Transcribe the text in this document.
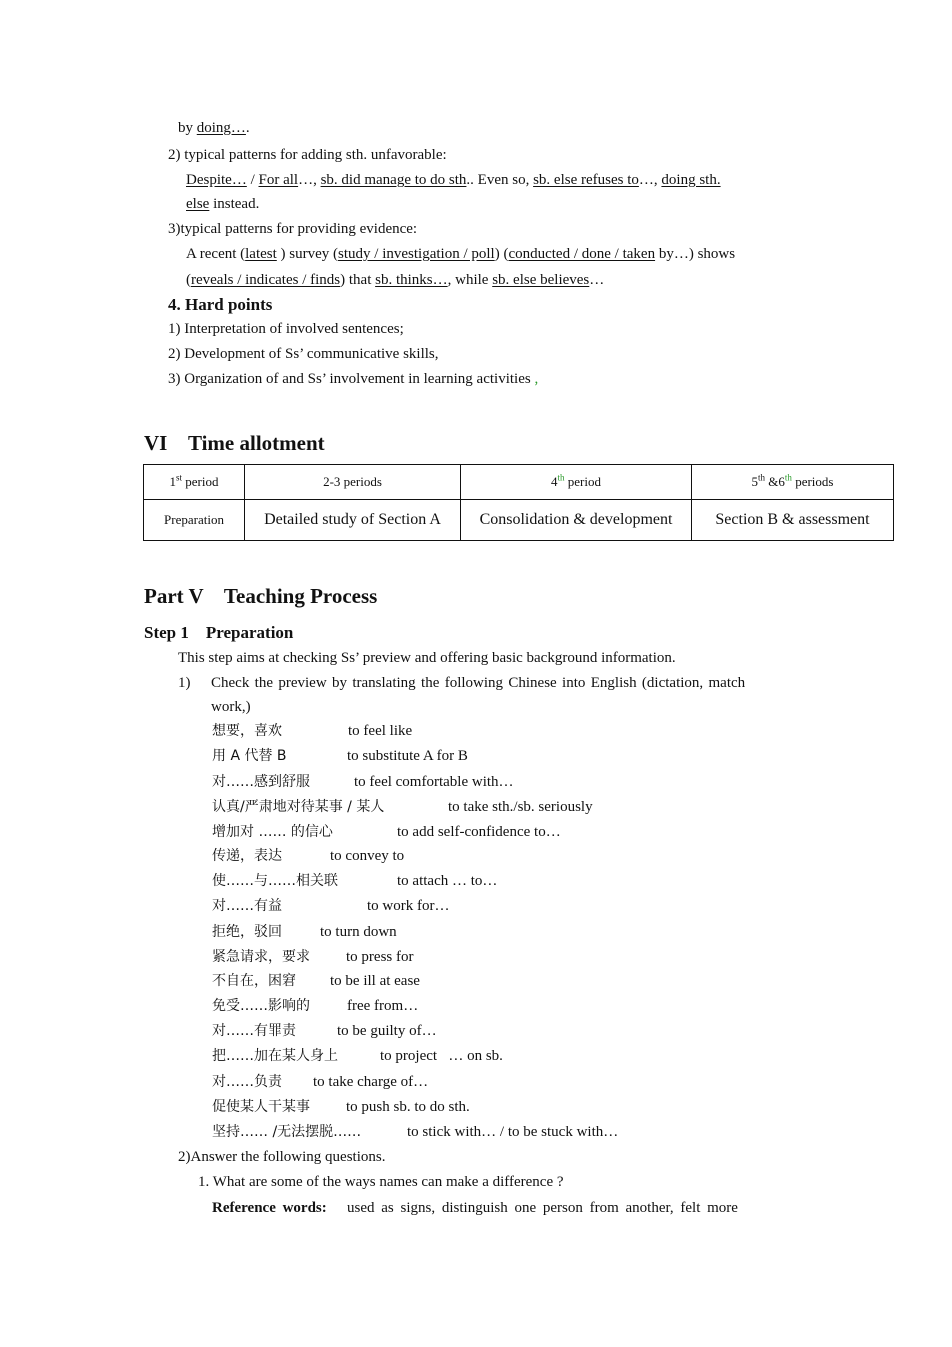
by doing….
2) typical patterns for adding sth. unfavorable:
Despite… / For all…, sb. did manage to do sth.. Even so, sb. else refuses to…, doing sth.
else instead.
3)typical patterns for providing evidence:
A recent (latest ) survey (study / investigation / poll) (conducted / done / taken by…) shows
(reveals / indicates / finds) that sb. thinks…, while sb. else believes…
4. Hard points
1) Interpretation of involved sentences;
2) Development of Ss’ communicative skills,
3) Organization of and Ss’ involvement in learning activities ,
VI    Time allotment
1st period	2-3 periods	4th period	5th &6th periods
Preparation	Detailed study of Section A	Consolidation & development	Section B & assessment
Part V    Teaching Process
Step 1    Preparation
This step aims at checking Ss’ preview and offering basic background information.
1) Check the preview by translating the following Chinese into English (dictation, match
work,)
想要，喜欢	to feel like
用 A 代替 B	to substitute A for B
对……感到舒服	to feel comfortable with…
认真/严肃地对待某事 / 某人	to take sth./sb. seriously
增加对 …… 的信心	to add self-confidence to…
传递，表达	to convey to
使……与……相关联	to attach … to…
对……有益	to work for…
拒绝，驳回	to turn down
紧急请求，要求 to press for
不自在，困窘 to be ill at ease
免受……影响的 free from…
对……有罪责	to be guilty of…
把……加在某人身上	to project   … on sb.
对……负责 to take charge of…
促使某人干某事 to push sb. to do sth.
坚持…… /无法摆脱……	to stick with… / to be stuck with…
2)Answer the following questions.
1. What are some of the ways names can make a difference ?
Reference words: used as signs, distinguish one person from another, felt more
